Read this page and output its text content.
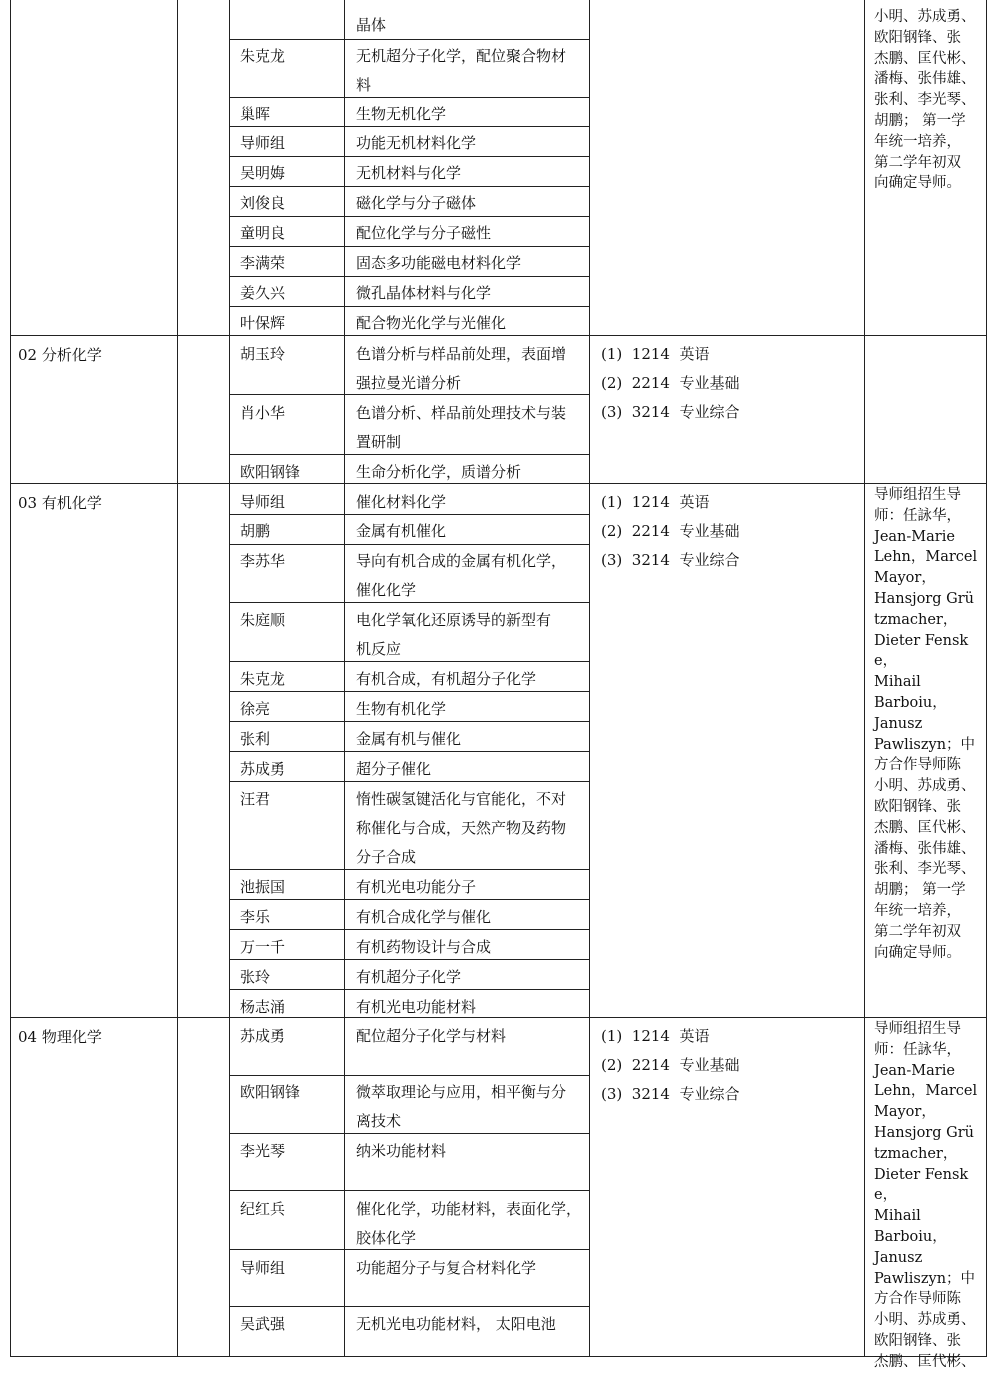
02 分析化学
03 有机化学
04 物理化学
朱克龙
巢晖
导师组
吴明娒
刘俊良
童明良
李满荣
姜久兴
叶保辉
胡玉玲
肖小华
欧阳钢锋
导师组
胡鹏
李苏华
朱庭顺
朱克龙
徐亮
张利
苏成勇
汪君
池振国
李乐
万一千
张玲
杨志涌
苏成勇
欧阳钢锋
李光琴
纪红兵
导师组
吴武强
晶体
无机超分子化学，配位聚合物材
料
生物无机化学
功能无机材料化学
无机材料与化学
磁化学与分子磁体
配位化学与分子磁性
固态多功能磁电材料化学
微孔晶体材料与化学
配合物光化学与光催化
色谱分析与样品前处理，表面增
强拉曼光谱分析
色谱分析、样品前处理技术与装
置研制
生命分析化学，质谱分析
催化材料化学
金属有机催化
导向有机合成的金属有机化学，
催化化学
电化学氧化还原诱导的新型有
机反应
有机合成，有机超分子化学
生物有机化学
金属有机与催化
超分子催化
惰性碳氢键活化与官能化，不对
称催化与合成，天然产物及药物
分子合成
有机光电功能分子
有机合成化学与催化
有机药物设计与合成
有机超分子化学
有机光电功能材料
配位超分子化学与材料
微萃取理论与应用，相平衡与分
离技术
纳米功能材料
催化化学，功能材料，表面化学，
胶体化学
功能超分子与复合材料化学
无机光电功能材料， 太阳电池
(1)  1214  英语
(2)  2214  专业基础
(3)  3214  专业综合
(1)  1214  英语
(2)  2214  专业基础
(3)  3214  专业综合
(1)  1214  英语
(2)  2214  专业基础
(3)  3214  专业综合
小明、苏成勇、
欧阳钢锋、张
杰鹏、匡代彬、
潘梅、张伟雄、
张利、李光琴、
胡鹏； 第一学
年统一培养，
第二学年初双
向确定导师。
导师组招生导
师：任詠华，
Jean-Marie
Lehn，Marcel
Mayor，
Hansjorg Grü
tzmacher，
Dieter Fenske，
Mihail
Barboiu，
Janusz
Pawliszyn；中
方合作导师陈
小明、苏成勇、
欧阳钢锋、张
杰鹏、匡代彬、
潘梅、张伟雄、
张利、李光琴、
胡鹏； 第一学
年统一培养，
第二学年初双
向确定导师。
导师组招生导
师：任詠华，
Jean-Marie
Lehn，Marcel
Mayor，
Hansjorg Grü
tzmacher，
Dieter Fenske，
Mihail
Barboiu，
Janusz
Pawliszyn；中
方合作导师陈
小明、苏成勇、
欧阳钢锋、张
杰鹏、匡代彬、
